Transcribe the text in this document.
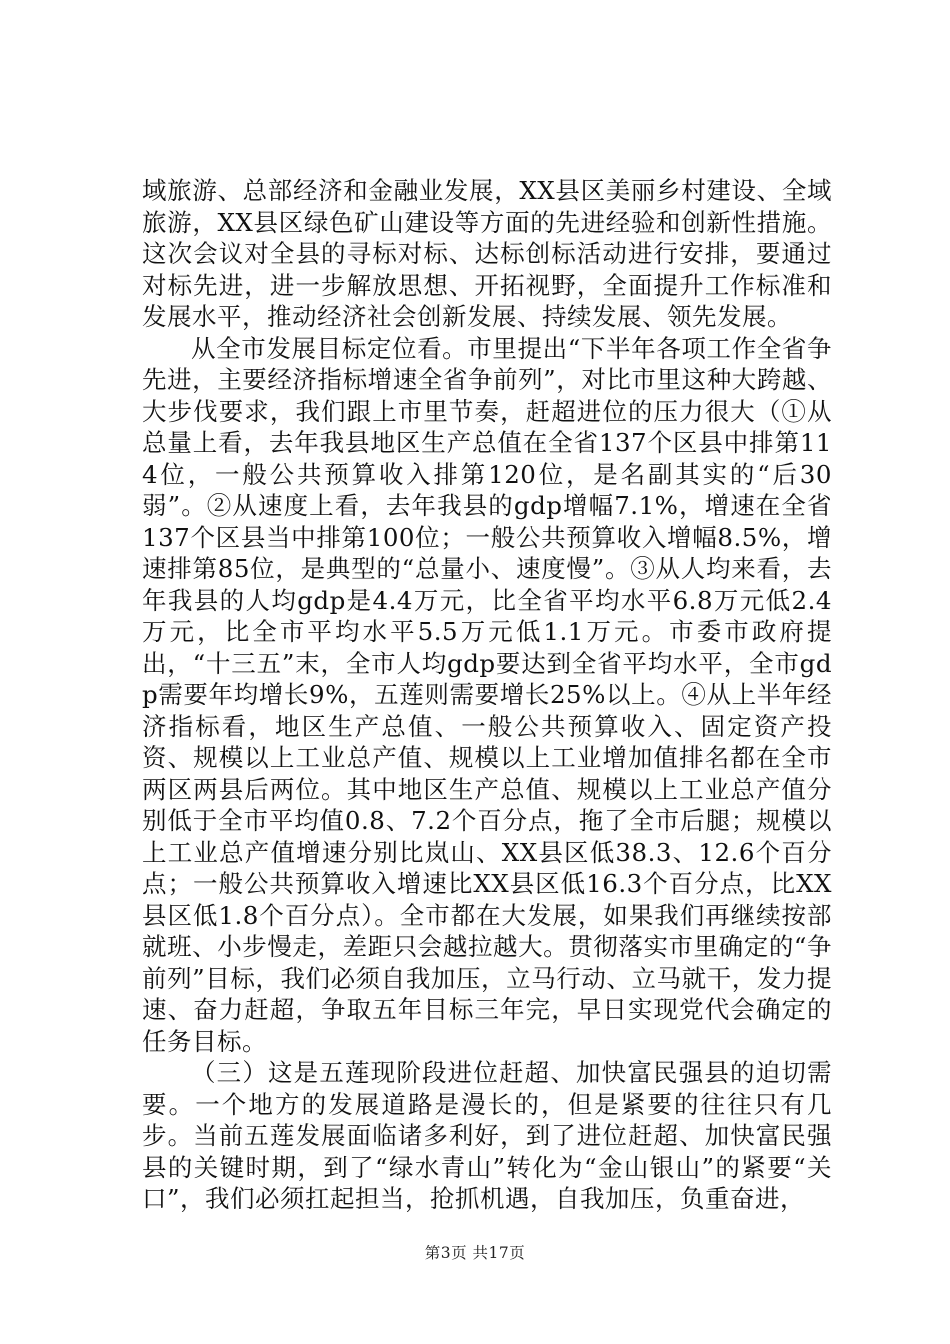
域旅游、总部经济和金融业发展，XX县区美丽乡村建设、全域旅游，XX县区绿色矿山建设等方面的先进经验和创新性措施。这次会议对全县的寻标对标、达标创标活动进行安排，要通过对标先进，进一步解放思想、开拓视野，全面提升工作标准和发展水平，推动经济社会创新发展、持续发展、领先发展。

从全市发展目标定位看。市里提出“下半年各项工作全省争先进，主要经济指标增速全省争前列”，对比市里这种大跨越、大步伐要求，我们跟上市里节奏，赶超进位的压力很大（①从总量上看，去年我县地区生产总值在全省137个区县中排第114位，一般公共预算收入排第120位，是名副其实的“后30弱”。②从速度上看，去年我县的gdp增幅7.1%，增速在全省137个区县当中排第100位；一般公共预算收入增幅8.5%，增速排第85位，是典型的“总量小、速度慢”。③从人均来看，去年我县的人均gdp是4.4万元，比全省平均水平6.8万元低2.4万元，比全市平均水平5.5万元低1.1万元。市委市政府提出，“十三五”末，全市人均gdp要达到全省平均水平，全市gdp需要年均增长9%，五莲则需要增长25%以上。④从上半年经济指标看，地区生产总值、一般公共预算收入、固定资产投资、规模以上工业总产值、规模以上工业增加值排名都在全市两区两县后两位。其中地区生产总值、规模以上工业总产值分别低于全市平均值0.8、7.2个百分点，拖了全市后腿；规模以上工业总产值增速分别比岚山、XX县区低38.3、12.6个百分点；一般公共预算收入增速比XX县区低16.3个百分点，比XX县区低1.8个百分点）。全市都在大发展，如果我们再继续按部就班、小步慢走，差距只会越拉越大。贯彻落实市里确定的“争前列”目标，我们必须自我加压，立马行动、立马就干，发力提速、奋力赶超，争取五年目标三年完，早日实现党代会确定的任务目标。

（三）这是五莲现阶段进位赶超、加快富民强县的迫切需要。一个地方的发展道路是漫长的，但是紧要的往往只有几步。当前五莲发展面临诸多利好，到了进位赶超、加快富民强县的关键时期，到了“绿水青山”转化为“金山银山”的紧要“关口”，我们必须扛起担当，抢抓机遇，自我加压，负重奋进，

第3页 共17页
